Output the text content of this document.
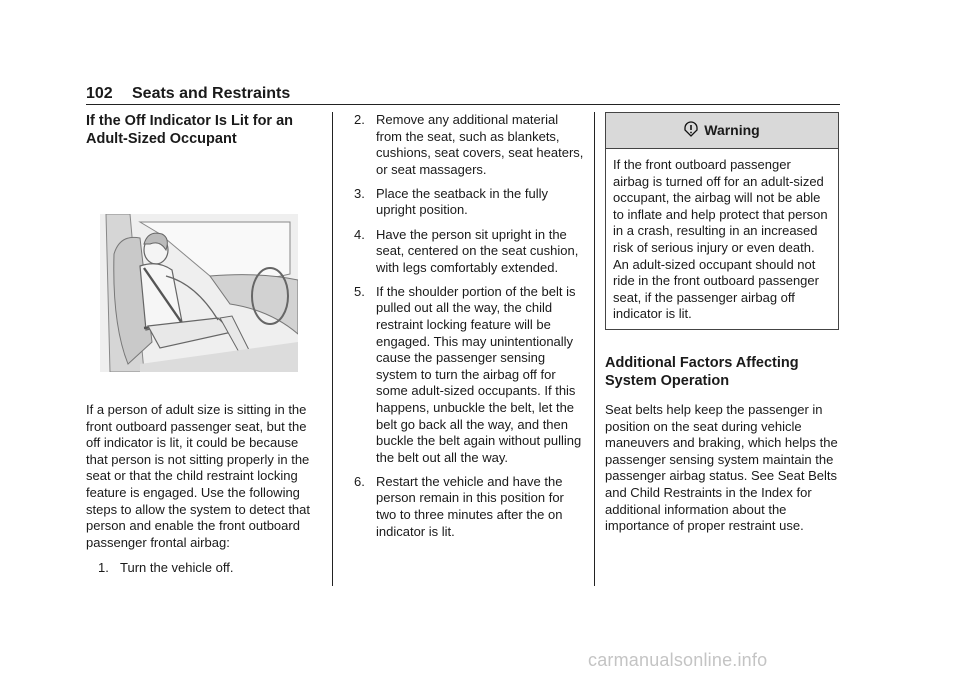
102 Seats and Restraints
If the Off Indicator Is Lit for an Adult-Sized Occupant

If a person of adult size is sitting in the front outboard passenger seat, but the off indicator is lit, it could be because that person is not sitting properly in the seat or that the child restraint locking feature is engaged. Use the following steps to allow the system to detect that person and enable the front outboard passenger frontal airbag:

1. Turn the vehicle off.
2. Remove any additional material from the seat, such as blankets, cushions, seat covers, seat heaters, or seat massagers.
3. Place the seatback in the fully upright position.
4. Have the person sit upright in the seat, centered on the seat cushion, with legs comfortably extended.
5. If the shoulder portion of the belt is pulled out all the way, the child restraint locking feature will be engaged. This may unintentionally cause the passenger sensing system to turn the airbag off for some adult-sized occupants. If this happens, unbuckle the belt, let the belt go back all the way, and then buckle the belt again without pulling the belt out all the way.
6. Restart the vehicle and have the person remain in this position for two to three minutes after the on indicator is lit.
Warning
If the front outboard passenger airbag is turned off for an adult-sized occupant, the airbag will not be able to inflate and help protect that person in a crash, resulting in an increased risk of serious injury or even death. An adult-sized occupant should not ride in the front outboard passenger seat, if the passenger airbag off indicator is lit.
Additional Factors Affecting System Operation

Seat belts help keep the passenger in position on the seat during vehicle maneuvers and braking, which helps the passenger sensing system maintain the passenger airbag status. See Seat Belts and Child Restraints in the Index for additional information about the importance of proper restraint use.

carmanualsonline.info
